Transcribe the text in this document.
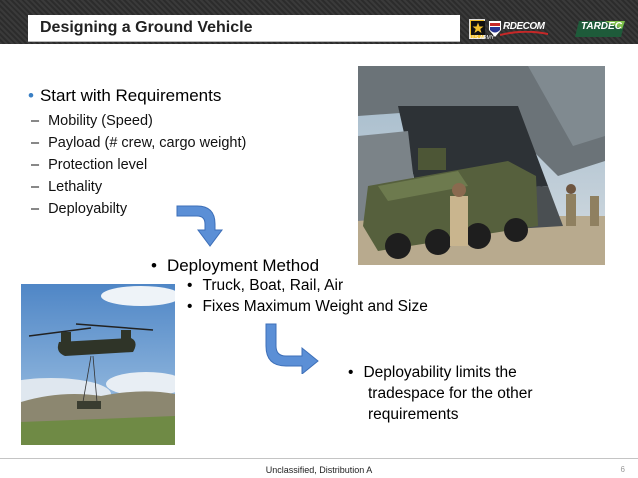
Designing a Ground Vehicle
U.S.ARMY
RDECOM	TARDEC
• Start with Requirements
– Mobility (Speed)
– Payload (# crew, cargo weight)
– Protection level
– Lethality
– Deployabilty
• Deployment Method
• Truck, Boat, Rail, Air
• Fixes Maximum Weight and Size
• Deployability limits the
tradespace for the other
requirements
Unclassified, Distribution A	6
